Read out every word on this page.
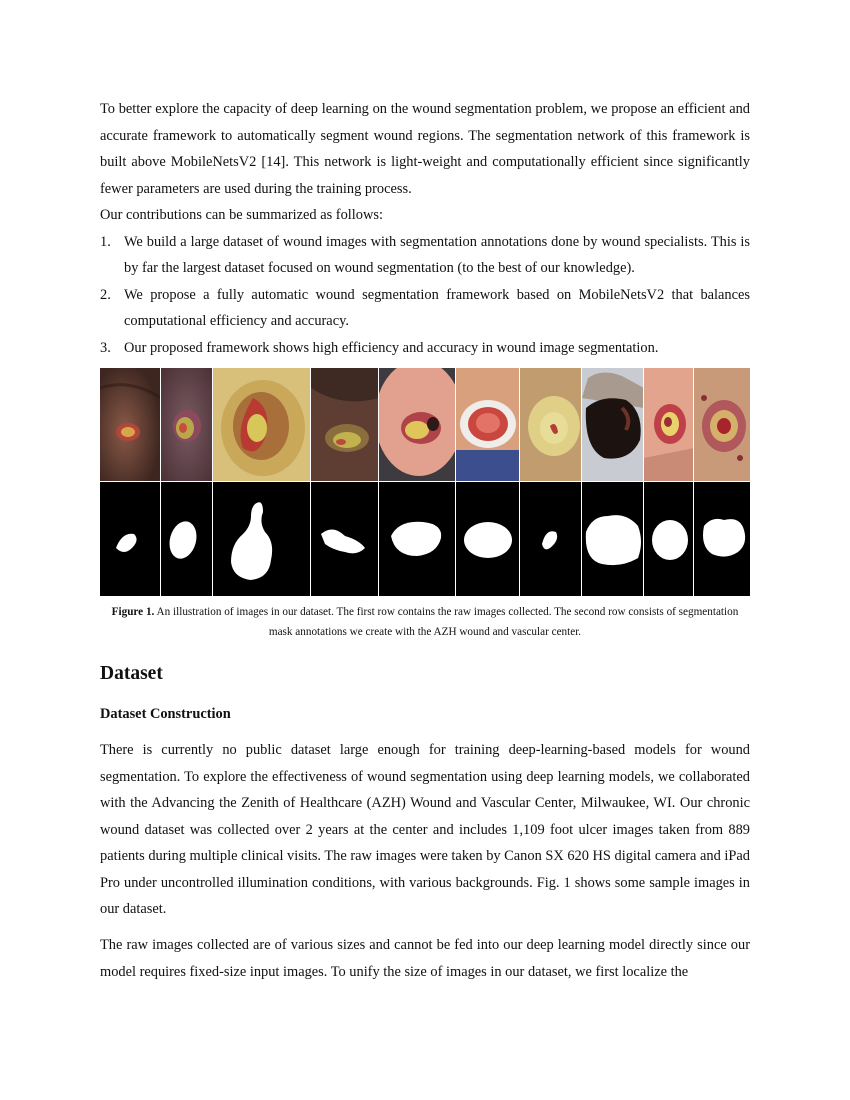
To better explore the capacity of deep learning on the wound segmentation problem, we propose an efficient and accurate framework to automatically segment wound regions. The segmentation network of this framework is built above MobileNetsV2 [14]. This network is light-weight and computationally efficient since significantly fewer parameters are used during the training process.

Our contributions can be summarized as follows:

1. We build a large dataset of wound images with segmentation annotations done by wound specialists. This is by far the largest dataset focused on wound segmentation (to the best of our knowledge).
2. We propose a fully automatic wound segmentation framework based on MobileNetsV2 that balances computational efficiency and accuracy.
3. Our proposed framework shows high efficiency and accuracy in wound image segmentation.
Figure 1. An illustration of images in our dataset. The first row contains the raw images collected. The second row consists of segmentation mask annotations we create with the AZH wound and vascular center.
Dataset
Dataset Construction

There is currently no public dataset large enough for training deep-learning-based models for wound segmentation. To explore the effectiveness of wound segmentation using deep learning models, we collaborated with the Advancing the Zenith of Healthcare (AZH) Wound and Vascular Center, Milwaukee, WI. Our chronic wound dataset was collected over 2 years at the center and includes 1,109 foot ulcer images taken from 889 patients during multiple clinical visits. The raw images were taken by Canon SX 620 HS digital camera and iPad Pro under uncontrolled illumination conditions, with various backgrounds. Fig. 1 shows some sample images in our dataset.

The raw images collected are of various sizes and cannot be fed into our deep learning model directly since our model requires fixed-size input images. To unify the size of images in our dataset, we first localize the
